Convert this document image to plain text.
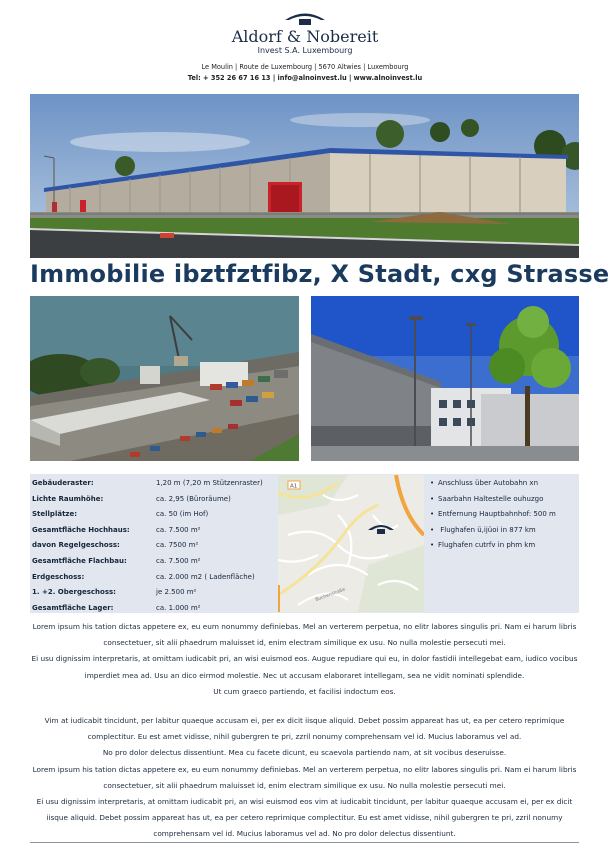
Aldorf & Nobereit
Invest S.A. Luxembourg
Le Moulin | Route de Luxembourg | 5670 Altwies | Luxembourg
Tel: + 352 26 67 16 13 | info@alnoinvest.lu | www.alnoinvest.lu
Immobilie ibztfztfibz, X Stadt, cxg Strasse
Gebäuderaster:	1,20 m (7,20 m Stützenraster)
Lichte Raumhöhe:	ca. 2,95 (Büroräume)
Stellplätze:	ca. 50 (im Hof)
Gesamtfläche Hochhaus:	ca. 7.500 m²
davon Regelgeschoss:	ca. 7500 m²
Gesamtfläche Flachbau:	ca. 7.500 m²
Erdgeschoss:	ca. 2.000 m2 ( Ladenfläche)
1. +2. Obergeschoss:	je 2.500 m²
Gesamtfläche Lager:	ca. 1.000 m²
A1
Buchenstraße
• Anschluss über Autobahn xn
• Saarbahn Haltestelle ouhuzgo
• Entfernung Hauptbahnhof: 500 m
• Flughafen ü,ijüoi in 877 km
• Flughafen cutrfv in phm km

Lorem ipsum his tation dictas appetere ex, eu eum nonummy definiebas. Mel an verterem perpetua, no elitr labores singulis pri. Nam ei harum libris consectetuer, sit alii phaedrum maluisset id, enim electram similique ex usu. No nulla molestie persecuti mei.
Ei usu dignissim interpretaris, at omittam iudicabit pri, an wisi euismod eos. Augue repudiare qui eu, in dolor fastidii intellegebat eam, iudico vocibus imperdiet mea ad. Usu an dico eirmod molestie. Nec ut accusam elaboraret intellegam, sea ne vidit nominati splendide.
Ut cum graeco partiendo, et facilisi indoctum eos.

Vim at iudicabit tincidunt, per labitur quaeque accusam ei, per ex dicit iisque aliquid. Debet possim appareat has ut, ea per cetero reprimique complectitur. Eu est amet vidisse, nihil gubergren te pri, zzril nonumy comprehensam vel id. Mucius laboramus vel ad.
No pro dolor delectus dissentiunt. Mea cu facete dicunt, eu scaevola partiendo nam, at sit vocibus deseruisse.
Lorem ipsum his tation dictas appetere ex, eu eum nonummy definiebas. Mel an verterem perpetua, no elitr labores singulis pri. Nam ei harum libris consectetuer, sit alii phaedrum maluisset id, enim electram similique ex usu. No nulla molestie persecuti mei.
Ei usu dignissim interpretaris, at omittam iudicabit pri, an wisi euismod eos vim at iudicabit tincidunt, per labitur quaeque accusam ei, per ex dicit iisque aliquid. Debet possim appareat has ut, ea per cetero reprimique complectitur. Eu est amet vidisse, nihil gubergren te pri, zzril nonumy comprehensam vel id. Mucius laboramus vel ad. No pro dolor delectus dissentiunt.
